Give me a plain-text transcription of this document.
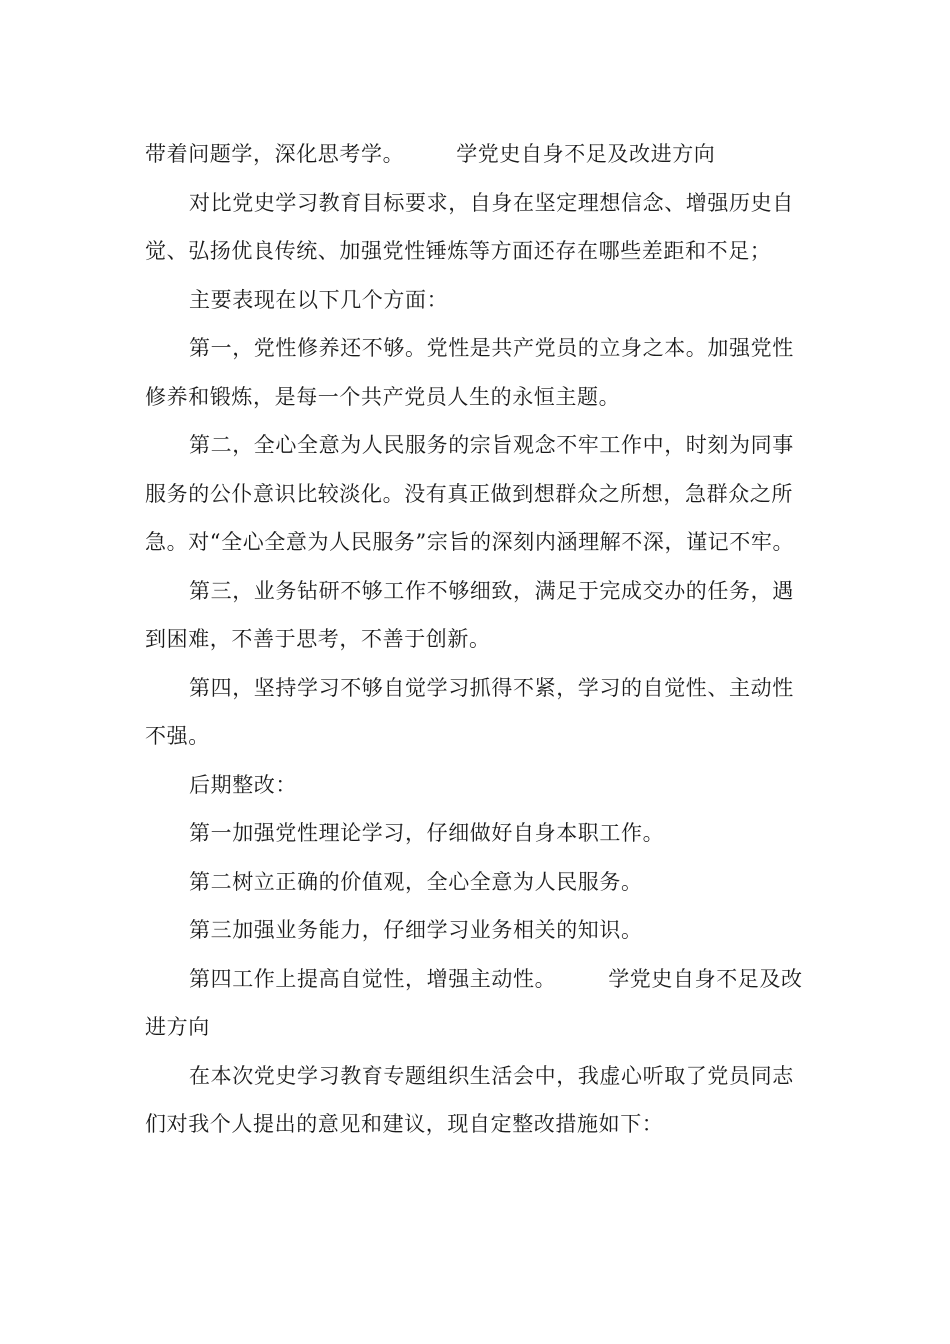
带着问题学，深化思考学。 学党史自身不足及改进方向

对比党史学习教育目标要求，自身在坚定理想信念、增强历史自觉、弘扬优良传统、加强党性锤炼等方面还存在哪些差距和不足；

主要表现在以下几个方面：

第一，党性修养还不够。党性是共产党员的立身之本。加强党性修养和锻炼，是每一个共产党员人生的永恒主题。

第二，全心全意为人民服务的宗旨观念不牢工作中，时刻为同事服务的公仆意识比较淡化。没有真正做到想群众之所想，急群众之所急。对“全心全意为人民服务”宗旨的深刻内涵理解不深，谨记不牢。

第三，业务钻研不够工作不够细致，满足于完成交办的任务，遇到困难，不善于思考，不善于创新。

第四，坚持学习不够自觉学习抓得不紧，学习的自觉性、主动性不强。

后期整改：

第一加强党性理论学习，仔细做好自身本职工作。

第二树立正确的价值观，全心全意为人民服务。

第三加强业务能力，仔细学习业务相关的知识。

第四工作上提高自觉性，增强主动性。 学党史自身不足及改进方向

在本次党史学习教育专题组织生活会中，我虚心听取了党员同志们对我个人提出的意见和建议，现自定整改措施如下：
